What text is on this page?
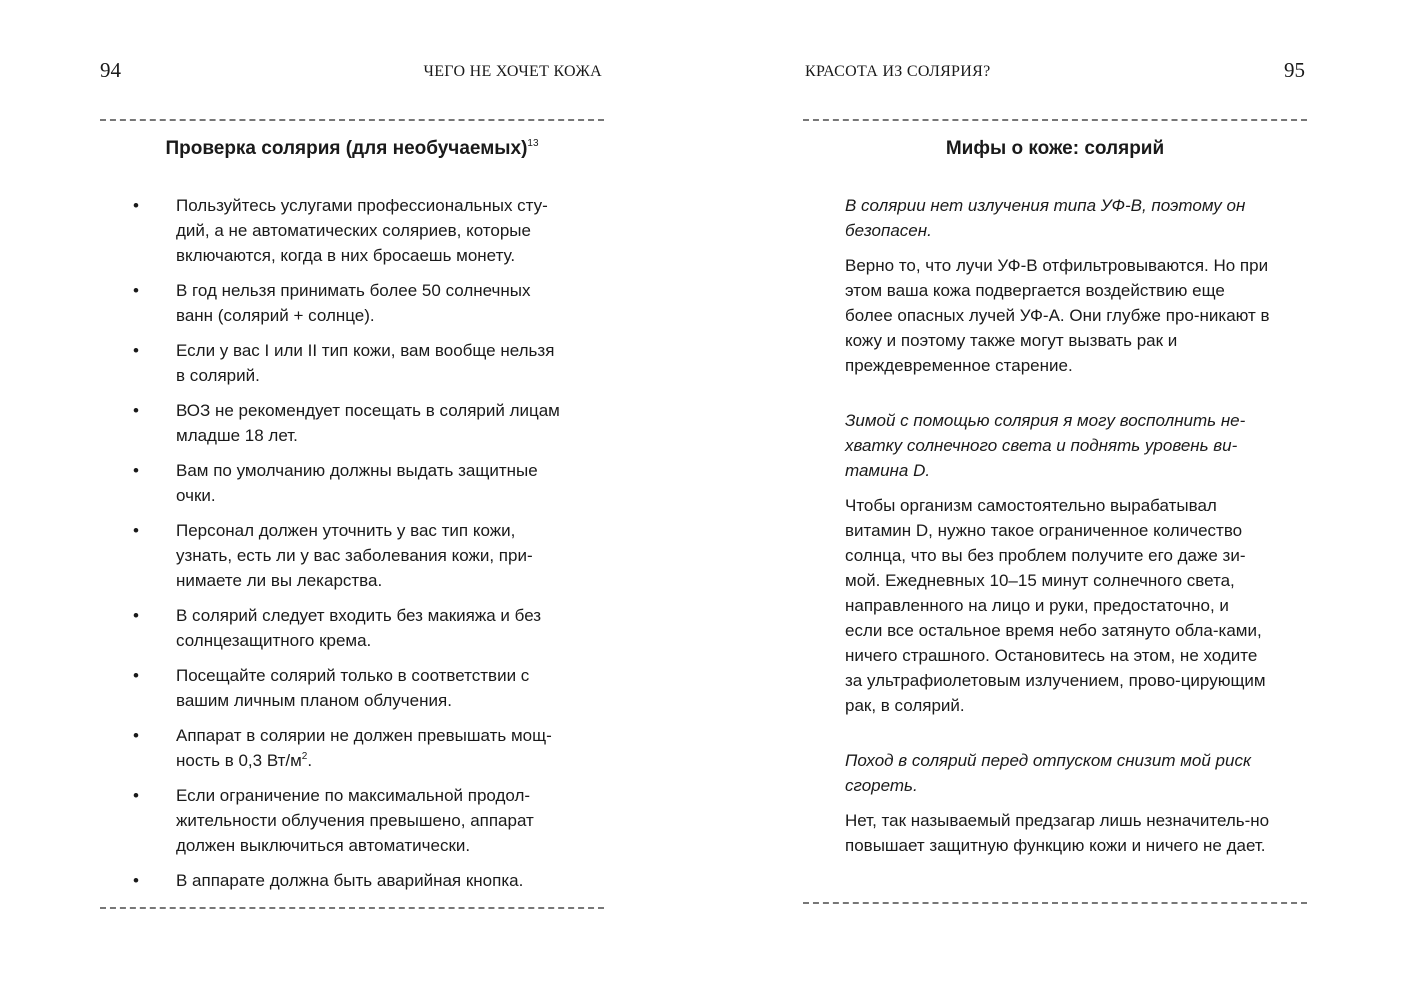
94	ЧЕГО НЕ ХОЧЕТ КОЖА
Проверка солярия (для необучаемых)$^{13}$
• Пользуйтесь услугами профессиональных сту-дий, а не автоматических соляриев, которые включаются, когда в них бросаешь монету.
• В год нельзя принимать более 50 солнечных ванн (солярий + солнце).
• Если у вас I или II тип кожи, вам вообще нельзя в солярий.
• ВОЗ не рекомендует посещать в солярий лицам младше 18 лет.
• Вам по умолчанию должны выдать защитные очки.
• Персонал должен уточнить у вас тип кожи, узнать, есть ли у вас заболевания кожи, при-нимаете ли вы лекарства.
• В солярий следует входить без макияжа и без солнцезащитного крема.
• Посещайте солярий только в соответствии с вашим личным планом облучения.
• Аппарат в солярии не должен превышать мощ-ность в 0,3 $Вт/м^2$.
• Если ограничение по максимальной продол-жительности облучения превышено, аппарат должен выключиться автоматически.
• В аппарате должна быть аварийная кнопка.
КРАСОТА ИЗ СОЛЯРИЯ?	95
Мифы о коже: солярий

В солярии нет излучения типа УФ-В, поэтому он безопасен.

Верно то, что лучи УФ-В отфильтровываются. Но при этом ваша кожа подвергается воздействию еще более опасных лучей УФ-А. Они глубже про-никают в кожу и поэтому также могут вызвать рак и преждевременное старение.

Зимой с помощью солярия я могу восполнить не-хватку солнечного света и поднять уровень ви-тамина D.

Чтобы организм самостоятельно вырабатывал витамин D, нужно такое ограниченное количество солнца, что вы без проблем получите его даже зи-мой. Ежедневных 10–15 минут солнечного света, направленного на лицо и руки, предостаточно, и если все остальное время небо затянуто обла-ками, ничего страшного. Остановитесь на этом, не ходите за ультрафиолетовым излучением, прово-цирующим рак, в солярий.

Поход в солярий перед отпуском снизит мой риск сгореть.

Нет, так называемый предзагар лишь незначитель-но повышает защитную функцию кожи и ничего не дает.
